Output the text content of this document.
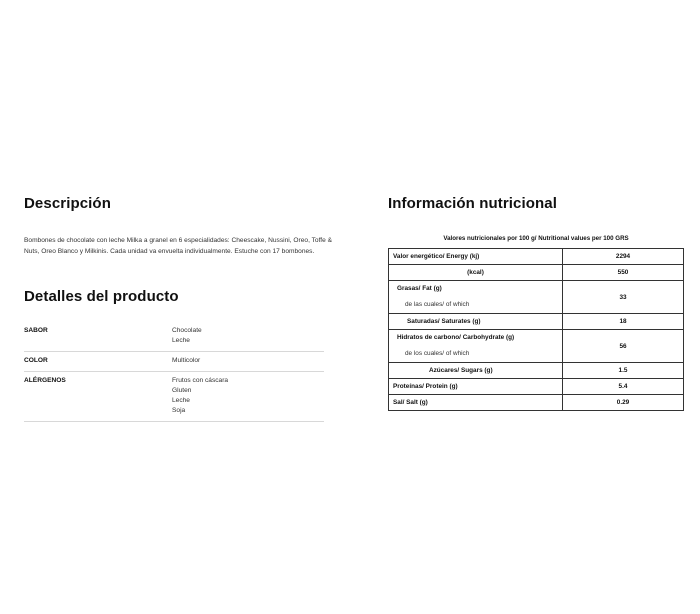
Descripción
Bombones de chocolate con leche Milka a granel en 6 especialidades: Cheescake, Nussini, Oreo, Toffe & Nuts, Oreo Blanco y Milkinis. Cada unidad va envuelta individualmente. Estuche con 17 bombones.
Detalles del producto
SABOR	Chocolate
Leche
COLOR	Multicolor
ALÉRGENOS	Frutos con cáscara
Gluten
Leche
Soja
Información nutricional
Valores nutricionales por 100 g/ Nutritional values per 100 GRS
Valor energético/ Energy (kj)	2294
(kcal)	550

Grasas/ Fat (g)
de las cuales/ of which	33
Saturadas/ Saturates (g)	18

Hidratos de carbono/ Carbohydrate (g)
de los cuales/ of which	56
Azúcares/ Sugars (g)	1.5
Proteínas/ Protein (g)	5.4
Sal/ Salt (g)	0.29
